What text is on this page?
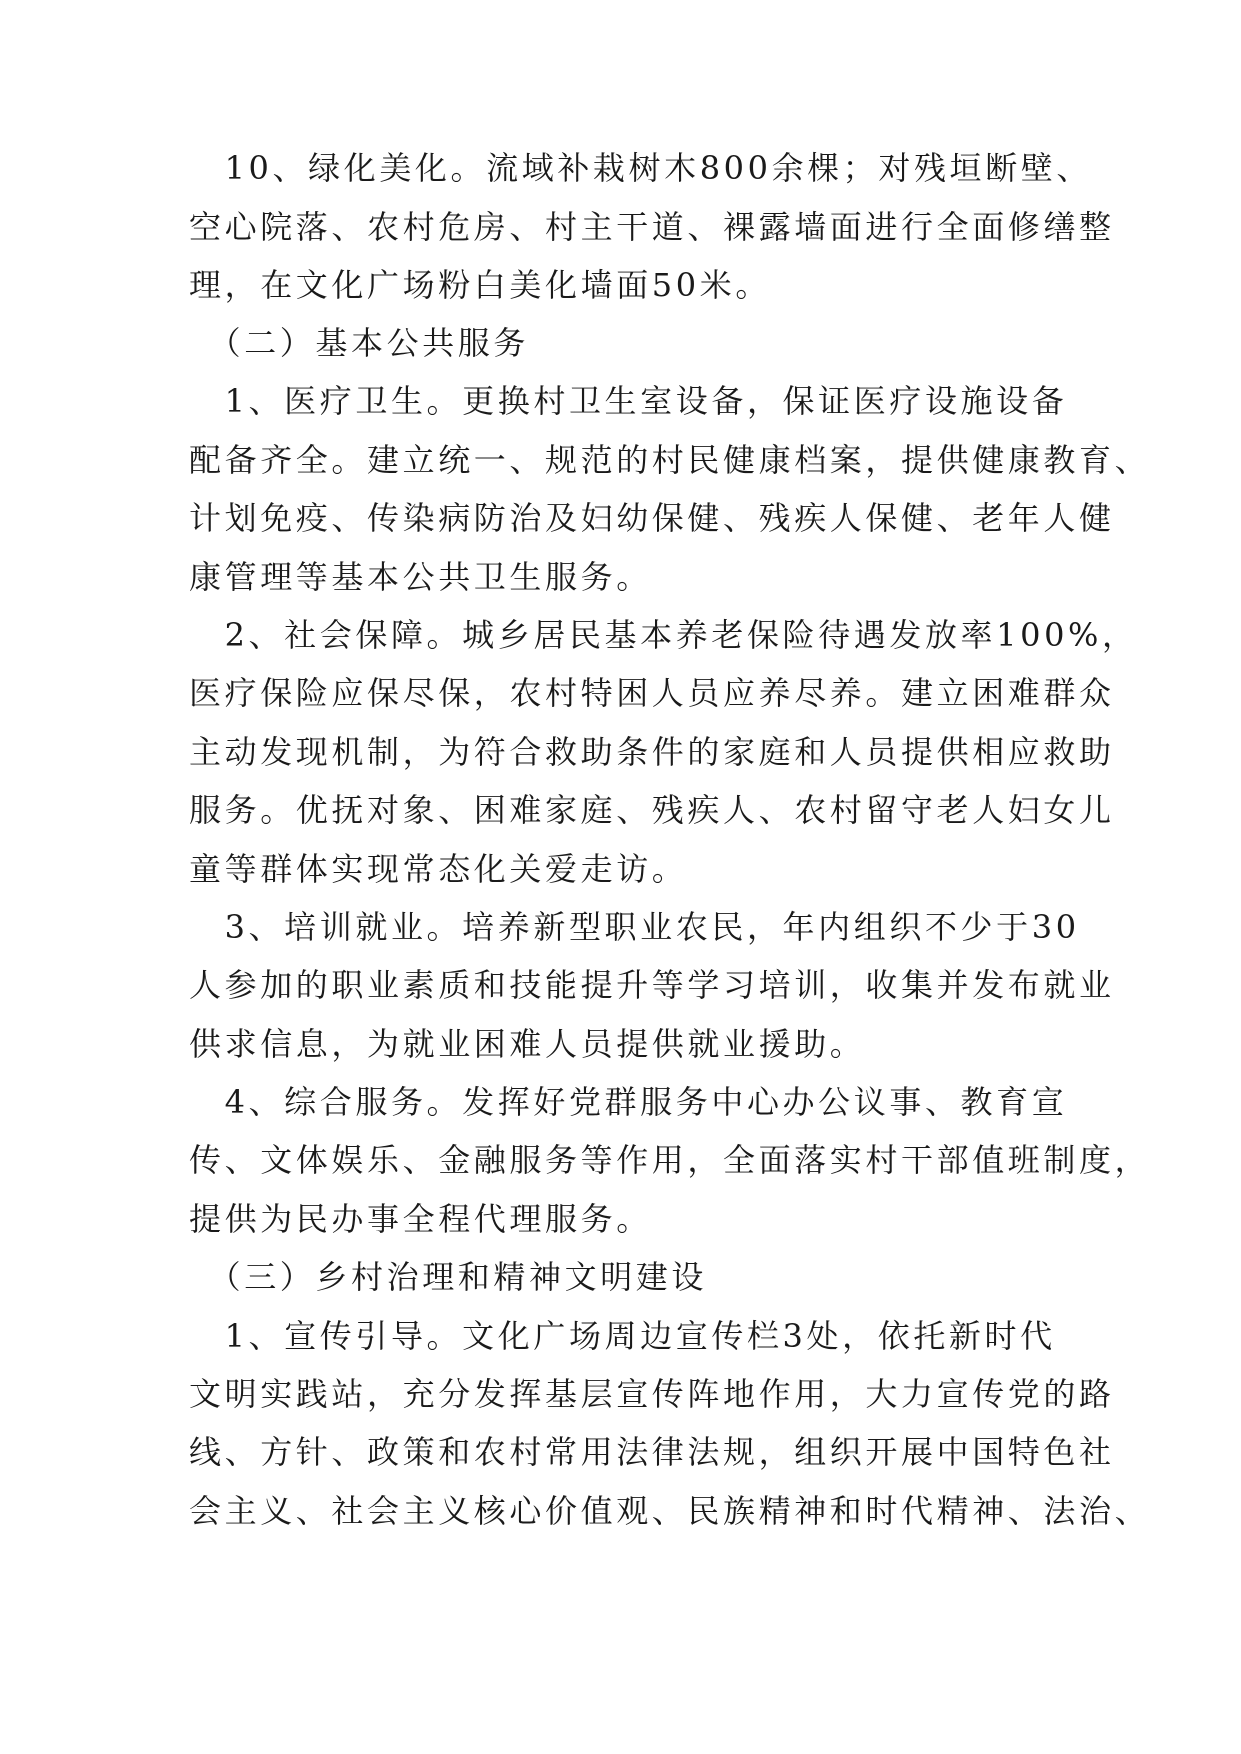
　10、绿化美化。流域补栽树木800余棵；对残垣断壁、
空心院落、农村危房、村主干道、裸露墙面进行全面修缮整
理，在文化广场粉白美化墙面50米。
　（二）基本公共服务
　1、医疗卫生。更换村卫生室设备，保证医疗设施设备
配备齐全。建立统一、规范的村民健康档案，提供健康教育、
计划免疫、传染病防治及妇幼保健、残疾人保健、老年人健
康管理等基本公共卫生服务。
　2、社会保障。城乡居民基本养老保险待遇发放率100%，
医疗保险应保尽保，农村特困人员应养尽养。建立困难群众
主动发现机制，为符合救助条件的家庭和人员提供相应救助
服务。优抚对象、困难家庭、残疾人、农村留守老人妇女儿
童等群体实现常态化关爱走访。
　3、培训就业。培养新型职业农民，年内组织不少于30
人参加的职业素质和技能提升等学习培训，收集并发布就业
供求信息，为就业困难人员提供就业援助。
　4、综合服务。发挥好党群服务中心办公议事、教育宣
传、文体娱乐、金融服务等作用，全面落实村干部值班制度，
提供为民办事全程代理服务。
　（三）乡村治理和精神文明建设
　1、宣传引导。文化广场周边宣传栏3处，依托新时代
文明实践站，充分发挥基层宣传阵地作用，大力宣传党的路
线、方针、政策和农村常用法律法规，组织开展中国特色社
会主义、社会主义核心价值观、民族精神和时代精神、法治、
